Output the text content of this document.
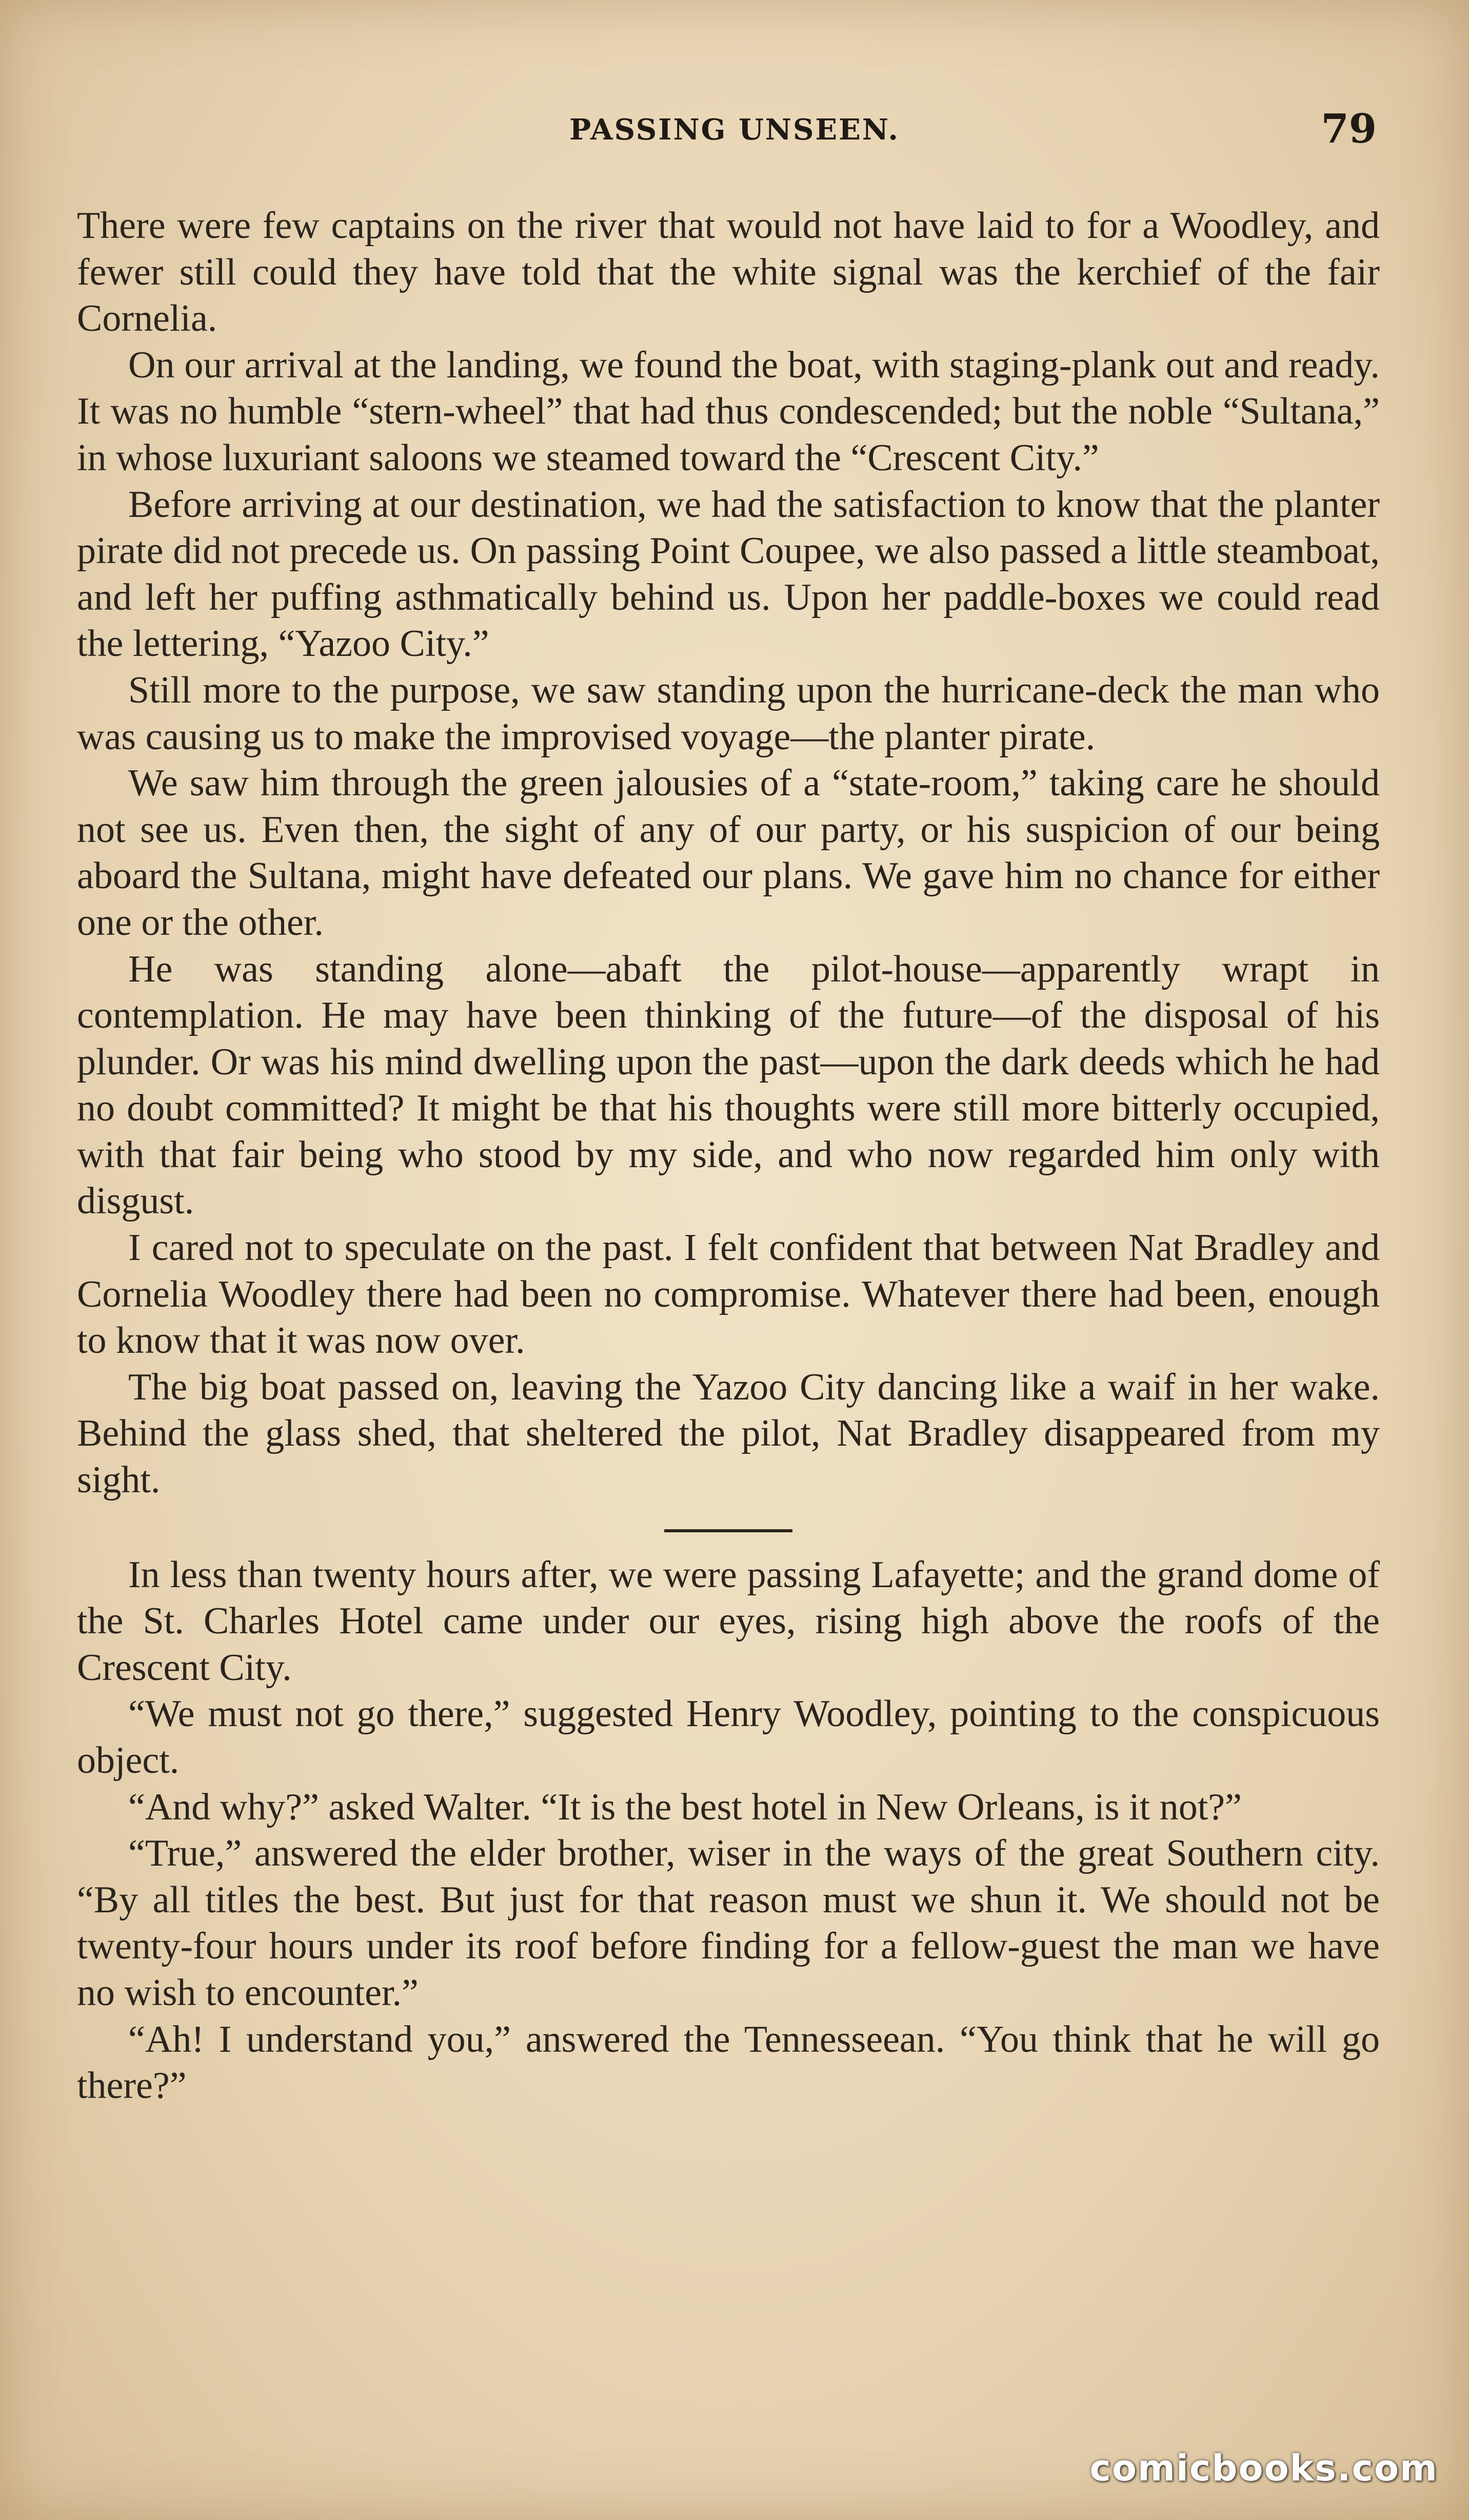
PASSING UNSEEN.	79

There were few captains on the river that would not have laid to for a Woodley, and fewer still could they have told that the white signal was the kerchief of the fair Cornelia.

On our arrival at the landing, we found the boat, with staging-plank out and ready. It was no humble “stern-wheel” that had thus condescended; but the noble “Sultana,” in whose luxuriant saloons we steamed toward the “Crescent City.”

Before arriving at our destination, we had the satisfaction to know that the planter pirate did not precede us. On passing Point Coupee, we also passed a little steamboat, and left her puffing asthmatically behind us. Upon her paddle-boxes we could read the lettering, “Yazoo City.”

Still more to the purpose, we saw standing upon the hurricane-deck the man who was causing us to make the improvised voyage—the planter pirate.

We saw him through the green jalousies of a “state-room,” taking care he should not see us. Even then, the sight of any of our party, or his suspicion of our being aboard the Sultana, might have defeated our plans. We gave him no chance for either one or the other.

He was standing alone—abaft the pilot-house—apparently wrapt in contemplation. He may have been thinking of the future—of the disposal of his plunder. Or was his mind dwelling upon the past—upon the dark deeds which he had no doubt committed? It might be that his thoughts were still more bitterly occupied, with that fair being who stood by my side, and who now regarded him only with disgust.

I cared not to speculate on the past. I felt confident that between Nat Bradley and Cornelia Woodley there had been no compromise. Whatever there had been, enough to know that it was now over.

The big boat passed on, leaving the Yazoo City dancing like a waif in her wake. Behind the glass shed, that sheltered the pilot, Nat Bradley disappeared from my sight.

In less than twenty hours after, we were passing Lafayette; and the grand dome of the St. Charles Hotel came under our eyes, rising high above the roofs of the Crescent City.

“We must not go there,” suggested Henry Woodley, pointing to the conspicuous object.

“And why?” asked Walter. “It is the best hotel in New Orleans, is it not?”

“True,” answered the elder brother, wiser in the ways of the great Southern city. “By all titles the best. But just for that reason must we shun it. We should not be twenty-four hours under its roof before finding for a fellow-guest the man we have no wish to encounter.”

“Ah! I understand you,” answered the Tennesseean. “You think that he will go there?”

comicbooks.com
